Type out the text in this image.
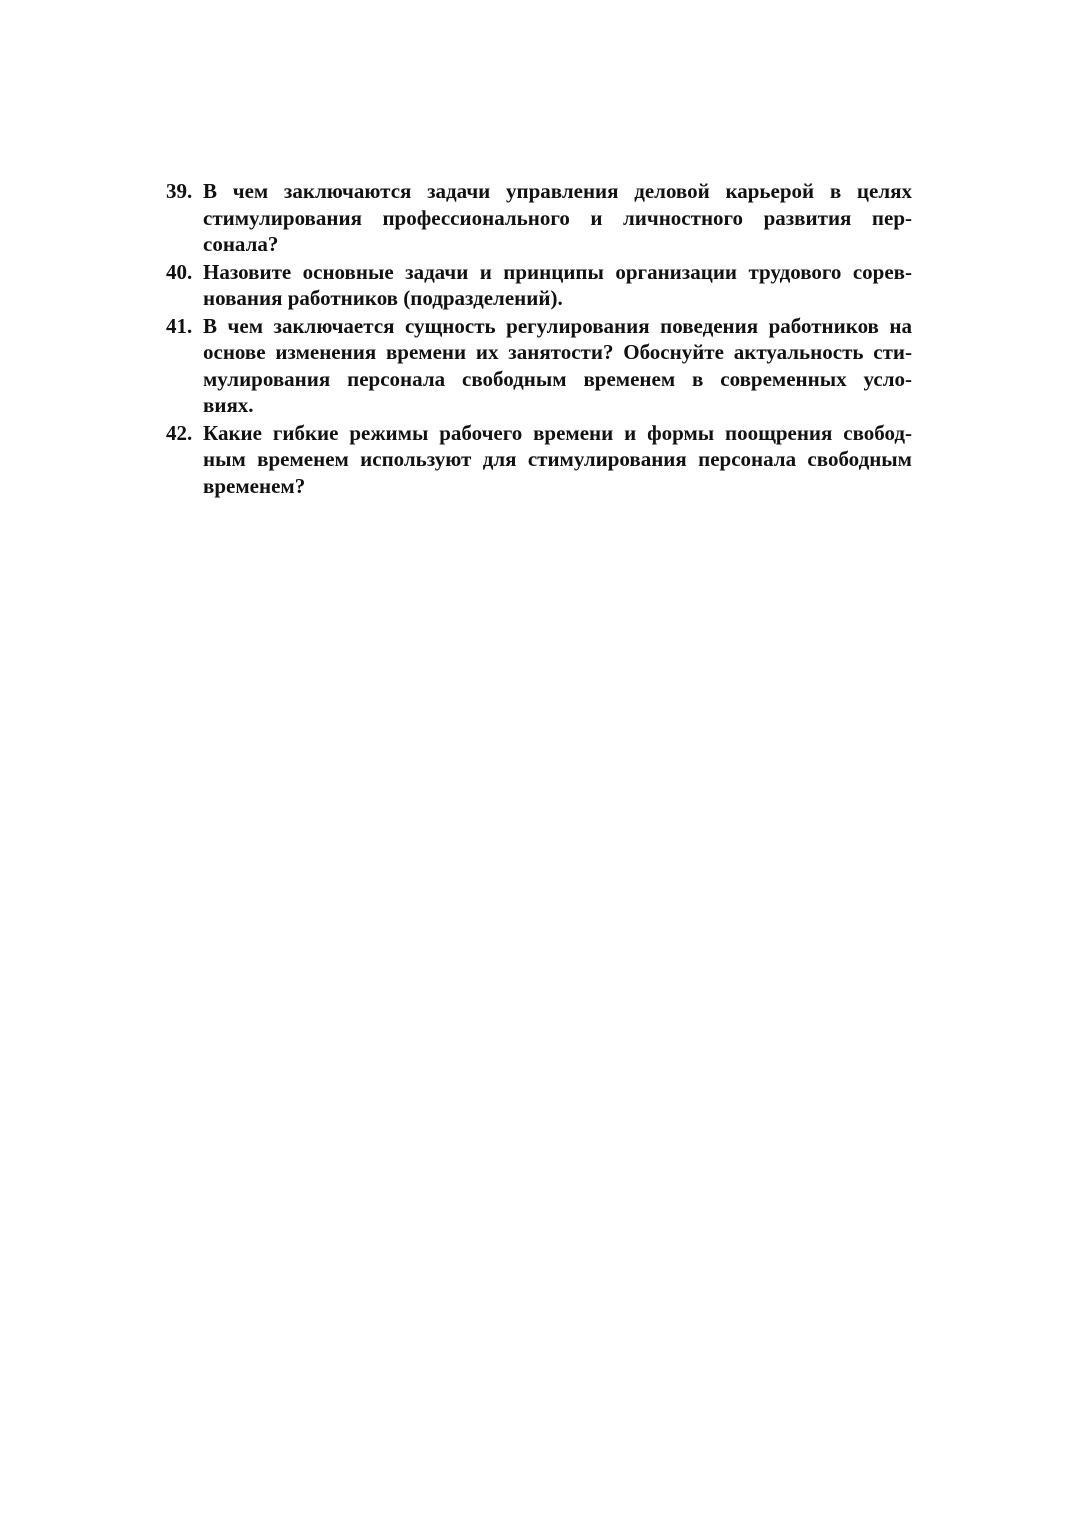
39. В чем заключаются задачи управления деловой карьерой в целях
стимулирования профессионального и личностного развития пер-
сонала?
40. Назовите основные задачи и принципы организации трудового сорев-
нования работников (подразделений).
41. В чем заключается сущность регулирования поведения работников на
основе изменения времени их занятости? Обоснуйте актуальность сти-
мулирования персонала свободным временем в современных усло-
виях.
42. Какие гибкие режимы рабочего времени и формы поощрения свобод-
ным временем используют для стимулирования персонала свободным
временем?
